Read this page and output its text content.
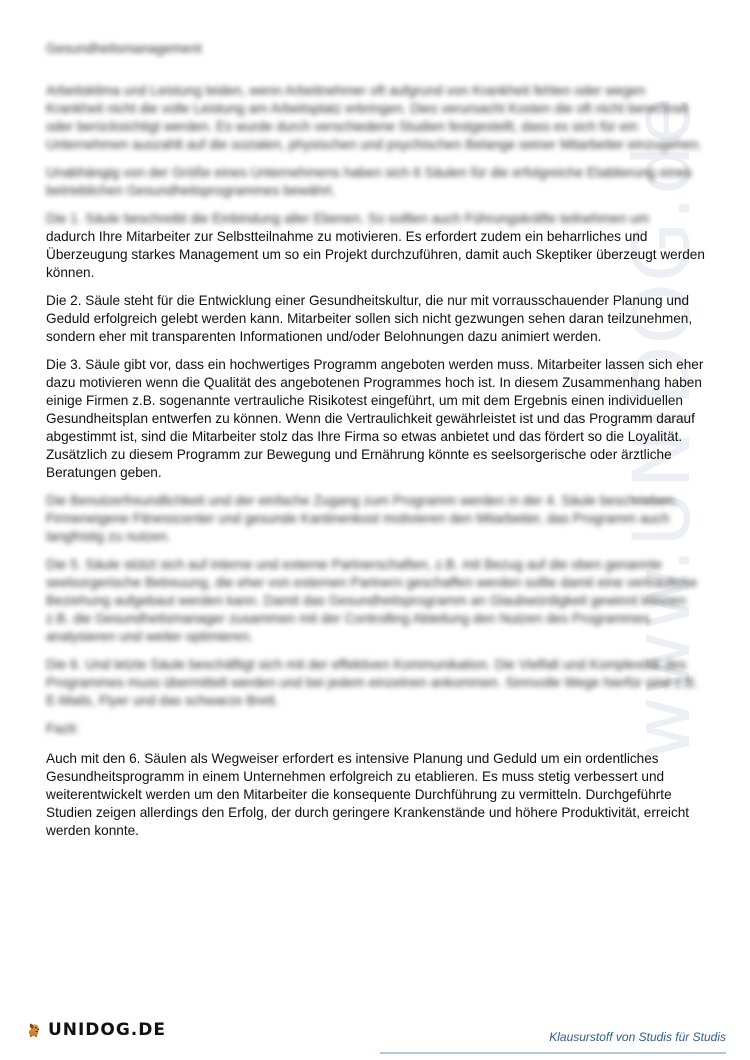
www.UNIDOG.de

Gesundheitsmanagement

Arbeitsklima und Leistung leiden, wenn Arbeitnehmer oft aufgrund von Krankheit fehlen oder wegen Krankheit nicht die volle Leistung am Arbeitsplatz erbringen. Dies verursacht Kosten die oft nicht berechnet oder berücksichtigt werden. Es wurde durch verschiedene Studien festgestellt, dass es sich für ein Unternehmen auszahlt auf die sozialen, physischen und psychischen Belange seiner Mitarbeiter einzugehen.

Unabhängig von der Größe eines Unternehmens haben sich 6 Säulen für die erfolgreiche Etablierung eines betrieblichen Gesundheitsprogrammes bewährt.

Die 1. Säule beschreibt die Einbindung aller Ebenen. So sollten auch Führungskräfte teilnehmen um

dadurch Ihre Mitarbeiter zur Selbstteilnahme zu motivieren. Es erfordert zudem ein beharrliches und Überzeugung starkes Management um so ein Projekt durchzuführen, damit auch Skeptiker überzeugt werden können.

Die 2. Säule steht für die Entwicklung einer Gesundheitskultur, die nur mit vorrausschauender Planung und Geduld erfolgreich gelebt werden kann. Mitarbeiter sollen sich nicht gezwungen sehen daran teilzunehmen, sondern eher mit transparenten Informationen und/oder Belohnungen dazu animiert werden.

Die 3. Säule gibt vor, dass ein hochwertiges Programm angeboten werden muss. Mitarbeiter lassen sich eher dazu motivieren wenn die Qualität des angebotenen Programmes hoch ist. In diesem Zusammenhang haben einige Firmen z.B. sogenannte vertrauliche Risikotest eingeführt, um mit dem Ergebnis einen individuellen Gesundheitsplan entwerfen zu können. Wenn die Vertraulichkeit gewährleistet ist und das Programm darauf abgestimmt ist, sind die Mitarbeiter stolz das Ihre Firma so etwas anbietet und das fördert so die Loyalität. Zusätzlich zu diesem Programm zur Bewegung und Ernährung könnte es seelsorgerische oder ärztliche Beratungen geben.

Die Benutzerfreundlichkeit und der einfache Zugang zum Programm werden in der 4. Säule beschrieben. Firmeneigene Fitnesscenter und gesunde Kantinenkost motivieren den Mitarbeiter, das Programm auch langfristig zu nutzen.

Die 5. Säule stützt sich auf interne und externe Partnerschaften, z.B. mit Bezug auf die oben genannte seelsorgerische Betreuung, die eher von externen Partnern geschaffen werden sollte damit eine vertrauliche Beziehung aufgebaut werden kann. Damit das Gesundheitsprogramm an Glaubwürdigkeit gewinnt können z.B. die Gesundheitsmanager zusammen mit der Controlling Abteilung den Nutzen des Programmes analysieren und weiter optimieren.

Die 6. Und letzte Säule beschäftigt sich mit der effektiven Kommunikation. Die Vielfalt und Komplexität des Programmes muss übermittelt werden und bei jedem einzelnen ankommen. Sinnvolle Wege hierfür sind z.B. E-Mails, Flyer und das schwarze Brett.

Fazit:

Auch mit den 6. Säulen als Wegweiser erfordert es intensive Planung und Geduld um ein ordentliches Gesundheitsprogramm in einem Unternehmen erfolgreich zu etablieren. Es muss stetig verbessert und weiterentwickelt werden um den Mitarbeiter die konsequente Durchführung zu vermitteln. Durchgeführte Studien zeigen allerdings den Erfolg, der durch geringere Krankenstände und höhere Produktivität, erreicht werden konnte.

UNIDOG.DE	Klausurstoff von Studis für Studis
